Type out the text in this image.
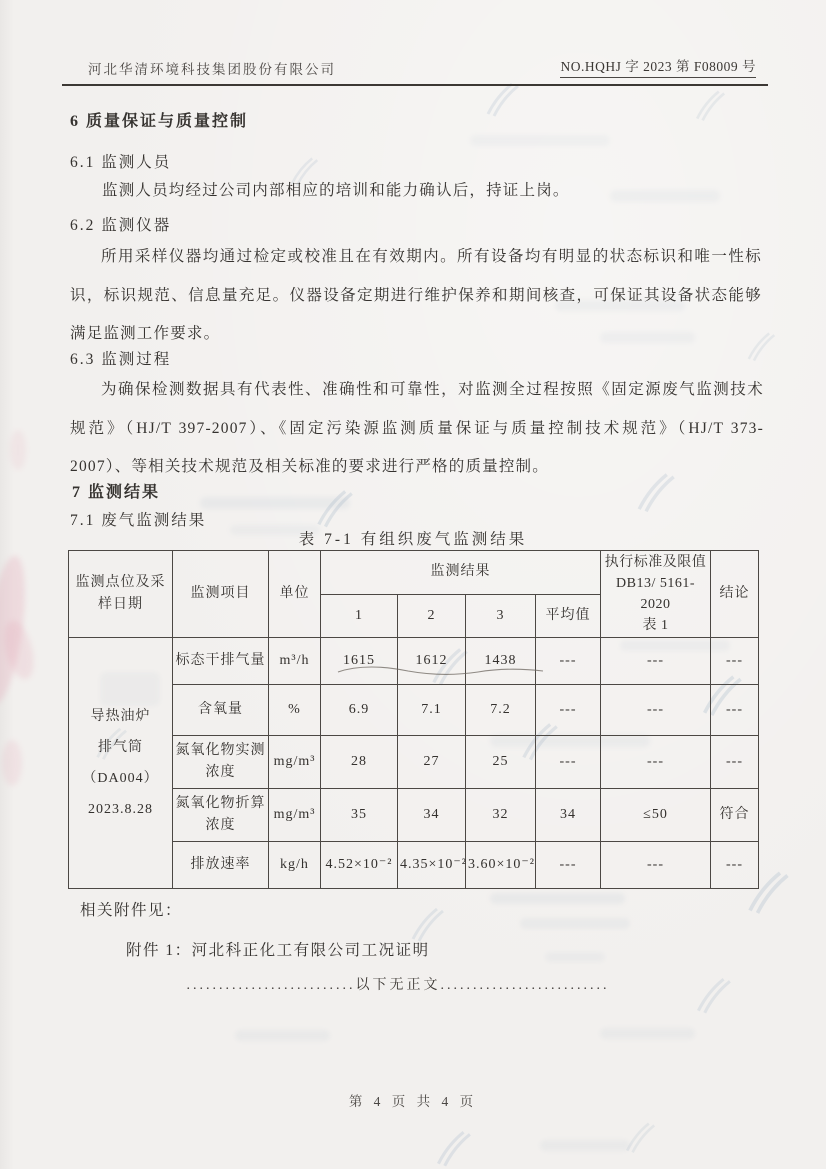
河北华清环境科技集团股份有限公司	NO.HQHJ 字 2023 第 F08009 号
6 质量保证与质量控制
6.1 监测人员
监测人员均经过公司内部相应的培训和能力确认后，持证上岗。
6.2 监测仪器
所用采样仪器均通过检定或校准且在有效期内。所有设备均有明显的状态标识和唯一性标识，标识规范、信息量充足。仪器设备定期进行维护保养和期间核查，可保证其设备状态能够满足监测工作要求。
6.3 监测过程
为确保检测数据具有代表性、准确性和可靠性，对监测全过程按照《固定源废气监测技术规范》（HJ/T 397-2007）、《固定污染源监测质量保证与质量控制技术规范》（HJ/T 373-2007）、等相关技术规范及相关标准的要求进行严格的质量控制。
7 监测结果
7.1 废气监测结果
表 7-1 有组织废气监测结果
监测点位及采样日期	监测项目	单位	监测结果				执行标准及限值
DB13/ 5161-2020
表 1	结论
			1	2	3	平均值		

导热油炉
排气筒
（DA004）
2023.8.28	标态干排气量	m³/h	1615	1612	1438	---	---	---
	含氧量	%	6.9	7.1	7.2	---	---	---
	氮氧化物实测浓度	mg/m³	28	27	25	---	---	---
	氮氧化物折算浓度	mg/m³	35	34	32	34	≤50	符合
	排放速率	kg/h	4.52×10⁻²	4.35×10⁻²	3.60×10⁻²	---	---	---
相关附件见：
附件 1：河北科正化工有限公司工况证明
..........................以下无正文..........................
第 4 页 共 4 页
